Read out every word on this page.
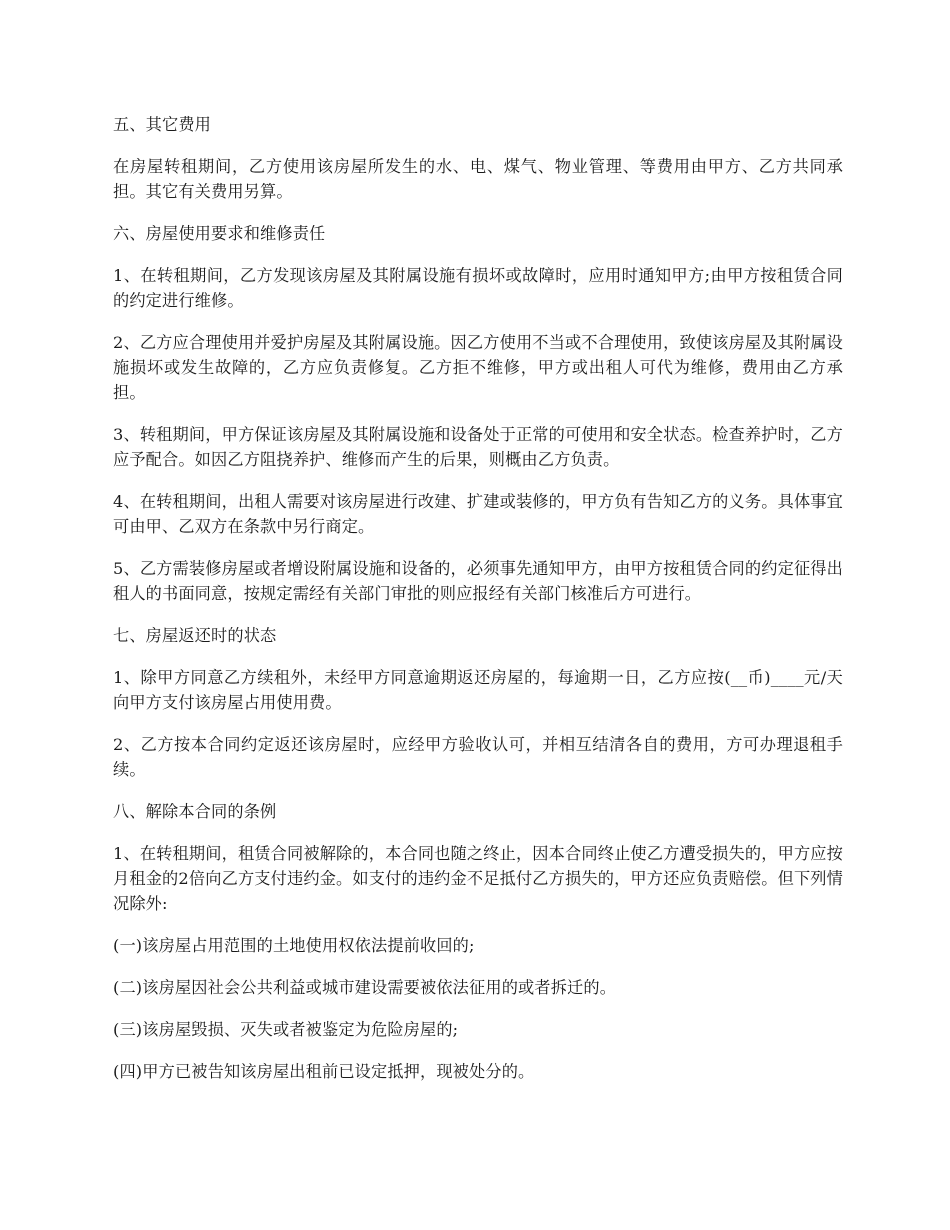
五、其它费用

在房屋转租期间，乙方使用该房屋所发生的水、电、煤气、物业管理、等费用由甲方、乙方共同承担。其它有关费用另算。

六、房屋使用要求和维修责任

1、在转租期间，乙方发现该房屋及其附属设施有损坏或故障时，应用时通知甲方;由甲方按租赁合同的约定进行维修。

2、乙方应合理使用并爱护房屋及其附属设施。因乙方使用不当或不合理使用，致使该房屋及其附属设施损坏或发生故障的，乙方应负责修复。乙方拒不维修，甲方或出租人可代为维修，费用由乙方承担。

3、转租期间，甲方保证该房屋及其附属设施和设备处于正常的可使用和安全状态。检查养护时，乙方应予配合。如因乙方阻挠养护、维修而产生的后果，则概由乙方负责。

4、在转租期间，出租人需要对该房屋进行改建、扩建或装修的，甲方负有告知乙方的义务。具体事宜可由甲、乙双方在条款中另行商定。

5、乙方需装修房屋或者增设附属设施和设备的，必须事先通知甲方，由甲方按租赁合同的约定征得出租人的书面同意，按规定需经有关部门审批的则应报经有关部门核准后方可进行。

七、房屋返还时的状态

1、除甲方同意乙方续租外，未经甲方同意逾期返还房屋的，每逾期一日，乙方应按(__币)____元/天向甲方支付该房屋占用使用费。

2、乙方按本合同约定返还该房屋时，应经甲方验收认可，并相互结清各自的费用，方可办理退租手续。

八、解除本合同的条例

1、在转租期间，租赁合同被解除的，本合同也随之终止，因本合同终止使乙方遭受损失的，甲方应按月租金的2倍向乙方支付违约金。如支付的违约金不足抵付乙方损失的，甲方还应负责赔偿。但下列情况除外:

(一)该房屋占用范围的土地使用权依法提前收回的;

(二)该房屋因社会公共利益或城市建设需要被依法征用的或者拆迁的。

(三)该房屋毁损、灭失或者被鉴定为危险房屋的;

(四)甲方已被告知该房屋出租前已设定抵押，现被处分的。
